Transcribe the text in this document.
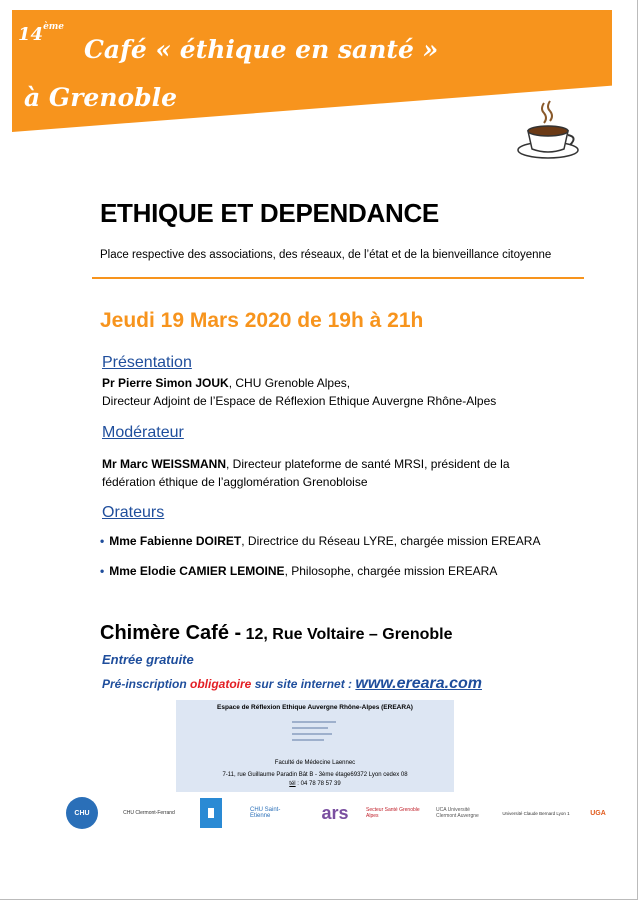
14ème
Café « éthique en santé »
à Grenoble
ETHIQUE ET DEPENDANCE
Place respective des associations, des réseaux, de l’état et de la bienveillance citoyenne
Jeudi 19 Mars 2020 de 19h à 21h
Présentation
Pr Pierre Simon JOUK, CHU Grenoble Alpes,
Directeur Adjoint de l’Espace de Réflexion Ethique Auvergne Rhône-Alpes
Modérateur
Mr Marc WEISSMANN, Directeur plateforme de santé MRSI, président de la
fédération éthique de l’agglomération Grenobloise
Orateurs
• Mme Fabienne DOIRET, Directrice du Réseau LYRE, chargée mission EREARA
• Mme Elodie CAMIER LEMOINE, Philosophe, chargée mission EREARA
Chimère Café - 12, Rue Voltaire – Grenoble
Entrée gratuite
Pré-inscription obligatoire sur site internet : www.ereara.com
Espace de Réflexion Ethique Auvergne Rhône-Alpes (EREARA)
Faculté de Médecine Laennec
7-11, rue Guillaume Paradin Bât B - 3ème étage69372 Lyon cedex 08
tél : 04 78 78 57 39
CHU	CHU Clermont-Ferrand	CHU Saint-Etienne	ars	Secteur Santé Grenoble Alpes
UCA Université Clermont Auvergne	Université Claude Bernard Lyon 1	UGA
